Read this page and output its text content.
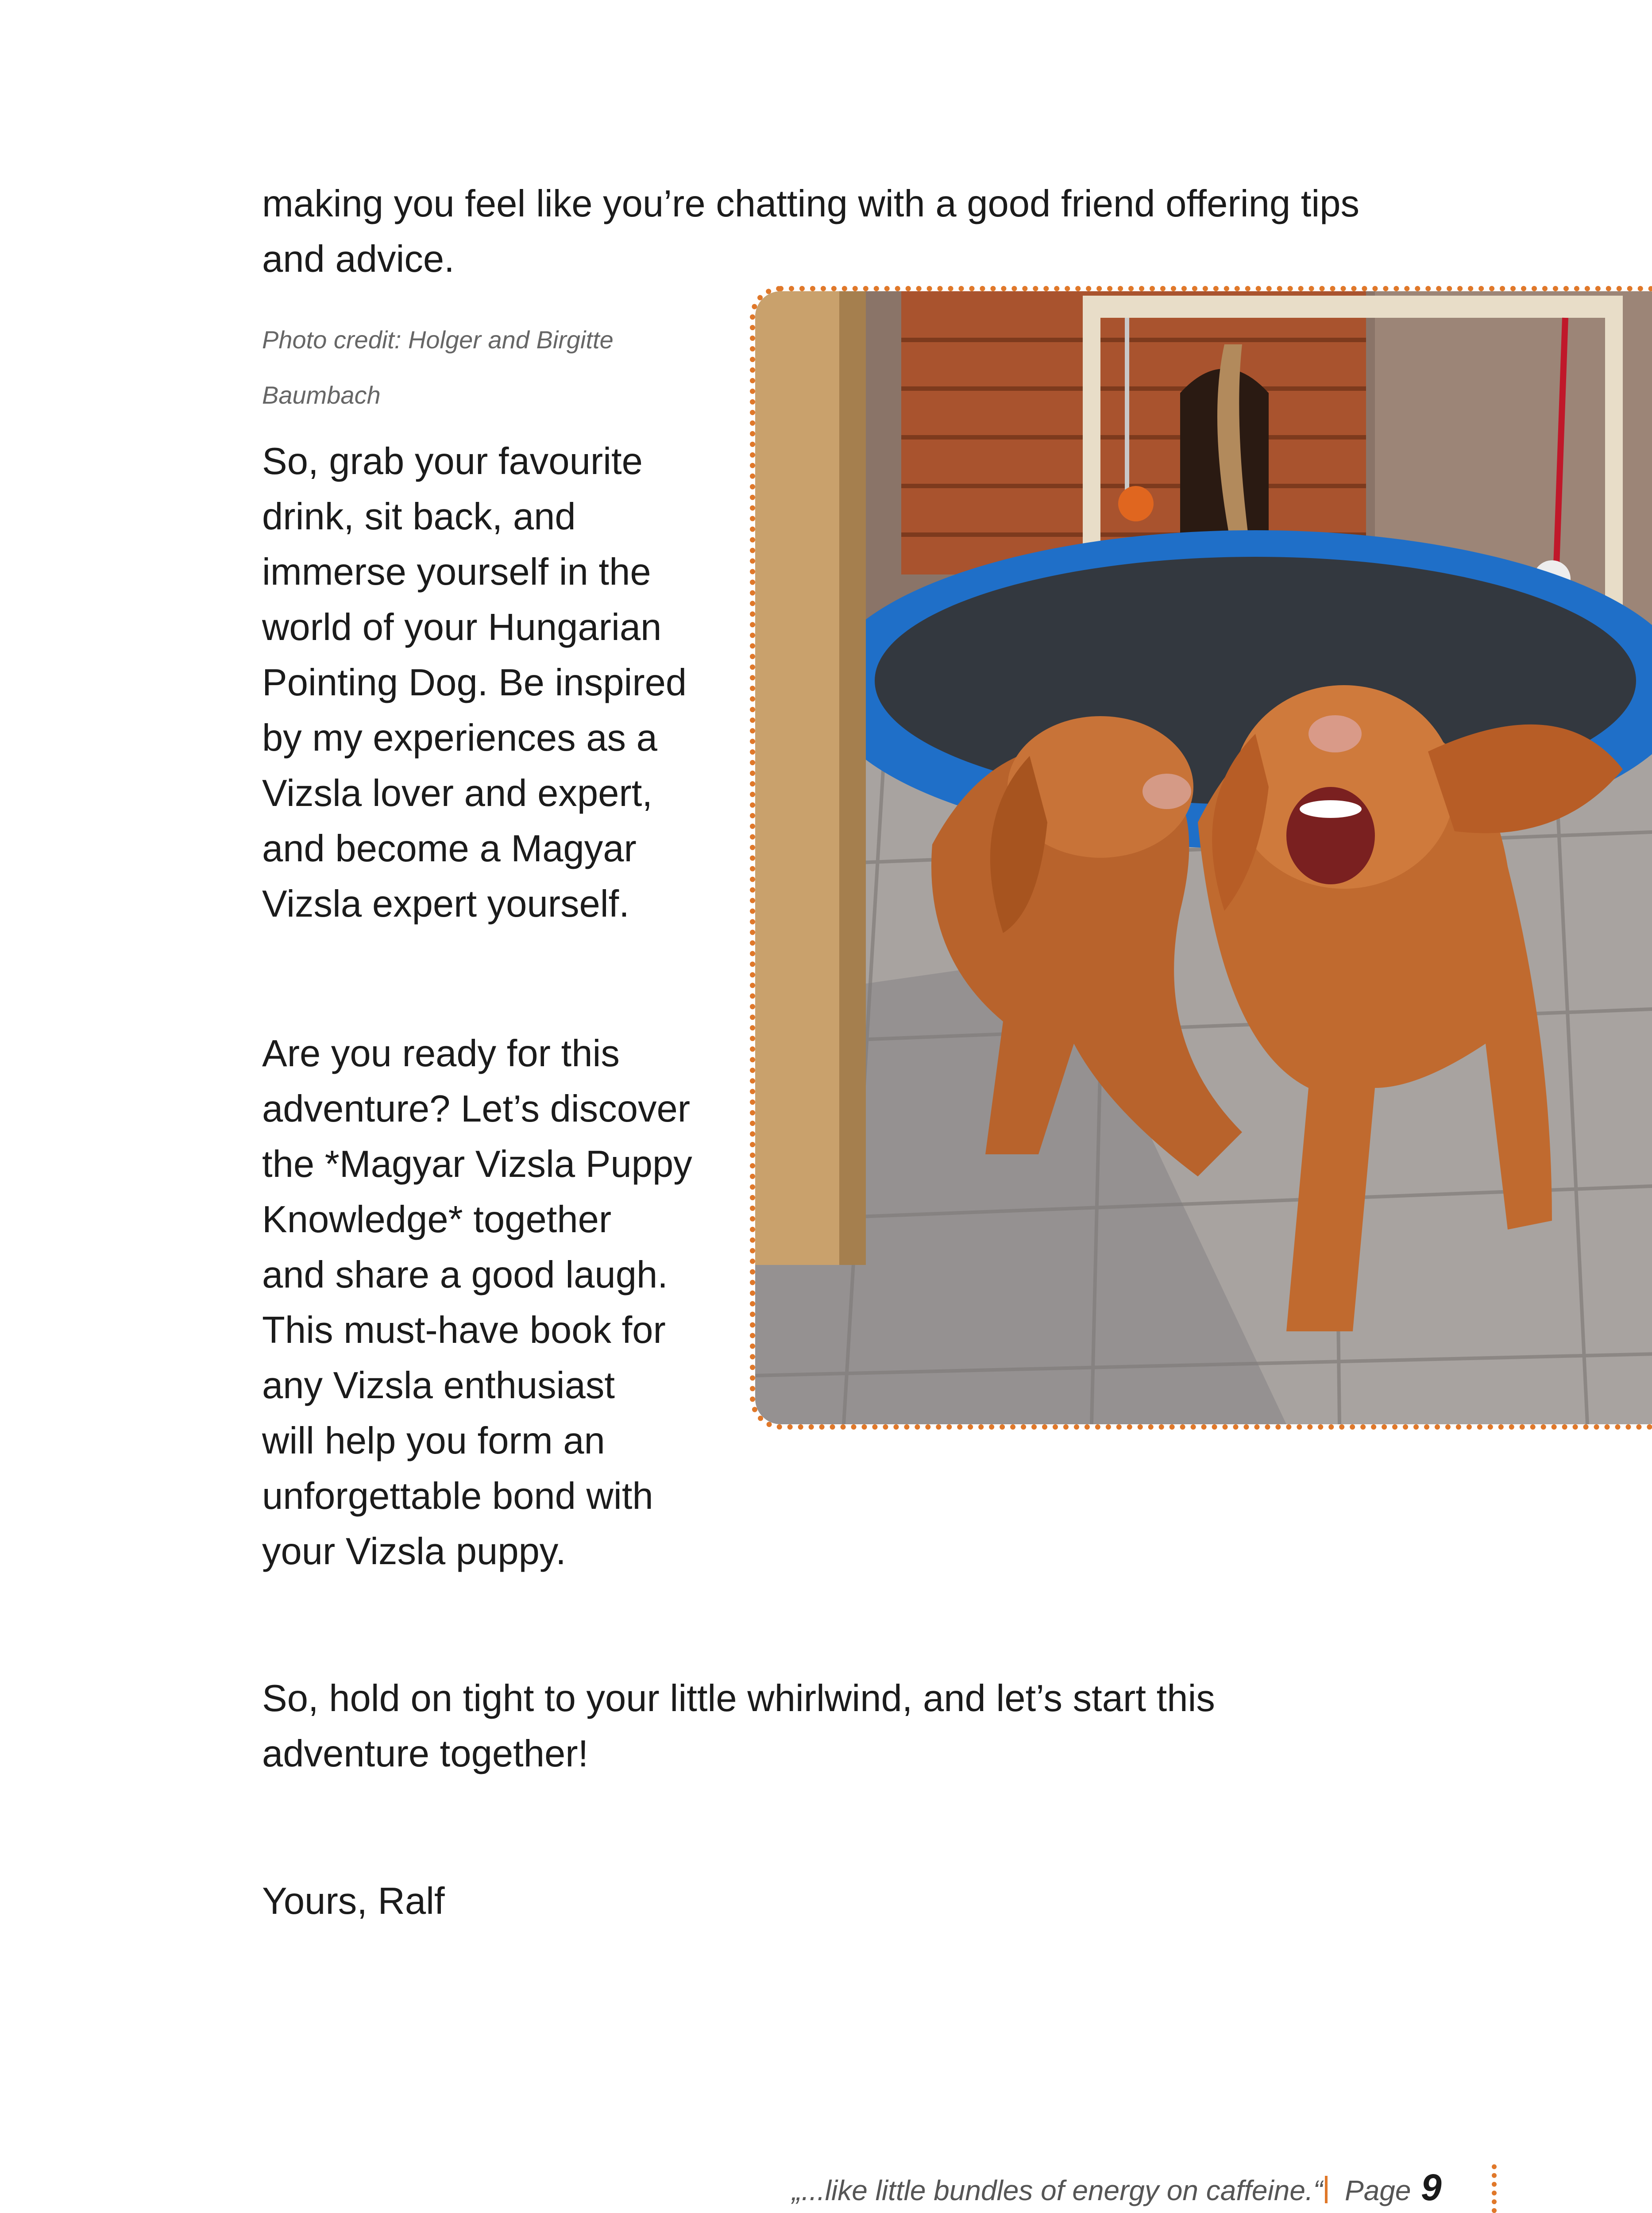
making you feel like you’re chatting with a good friend offering tips
and advice.

Photo credit: Holger and Birgitte
Baumbach

So, grab your favourite
drink, sit back, and
immerse yourself in the
world of your Hungarian
Pointing Dog. Be inspired
by my experiences as a
Vizsla lover and expert,
and become a Magyar
Vizsla expert yourself.

Are you ready for this
adventure? Let’s discover
the *Magyar Vizsla Puppy
Knowledge* together
and share a good laugh.
This must-have book for
any Vizsla enthusiast
will help you form an
unforgettable bond with
your Vizsla puppy.

So, hold on tight to your little whirlwind, and let’s start this
adventure together!

Yours, Ralf

„...like little bundles of energy on caffeine.“ Page 9
